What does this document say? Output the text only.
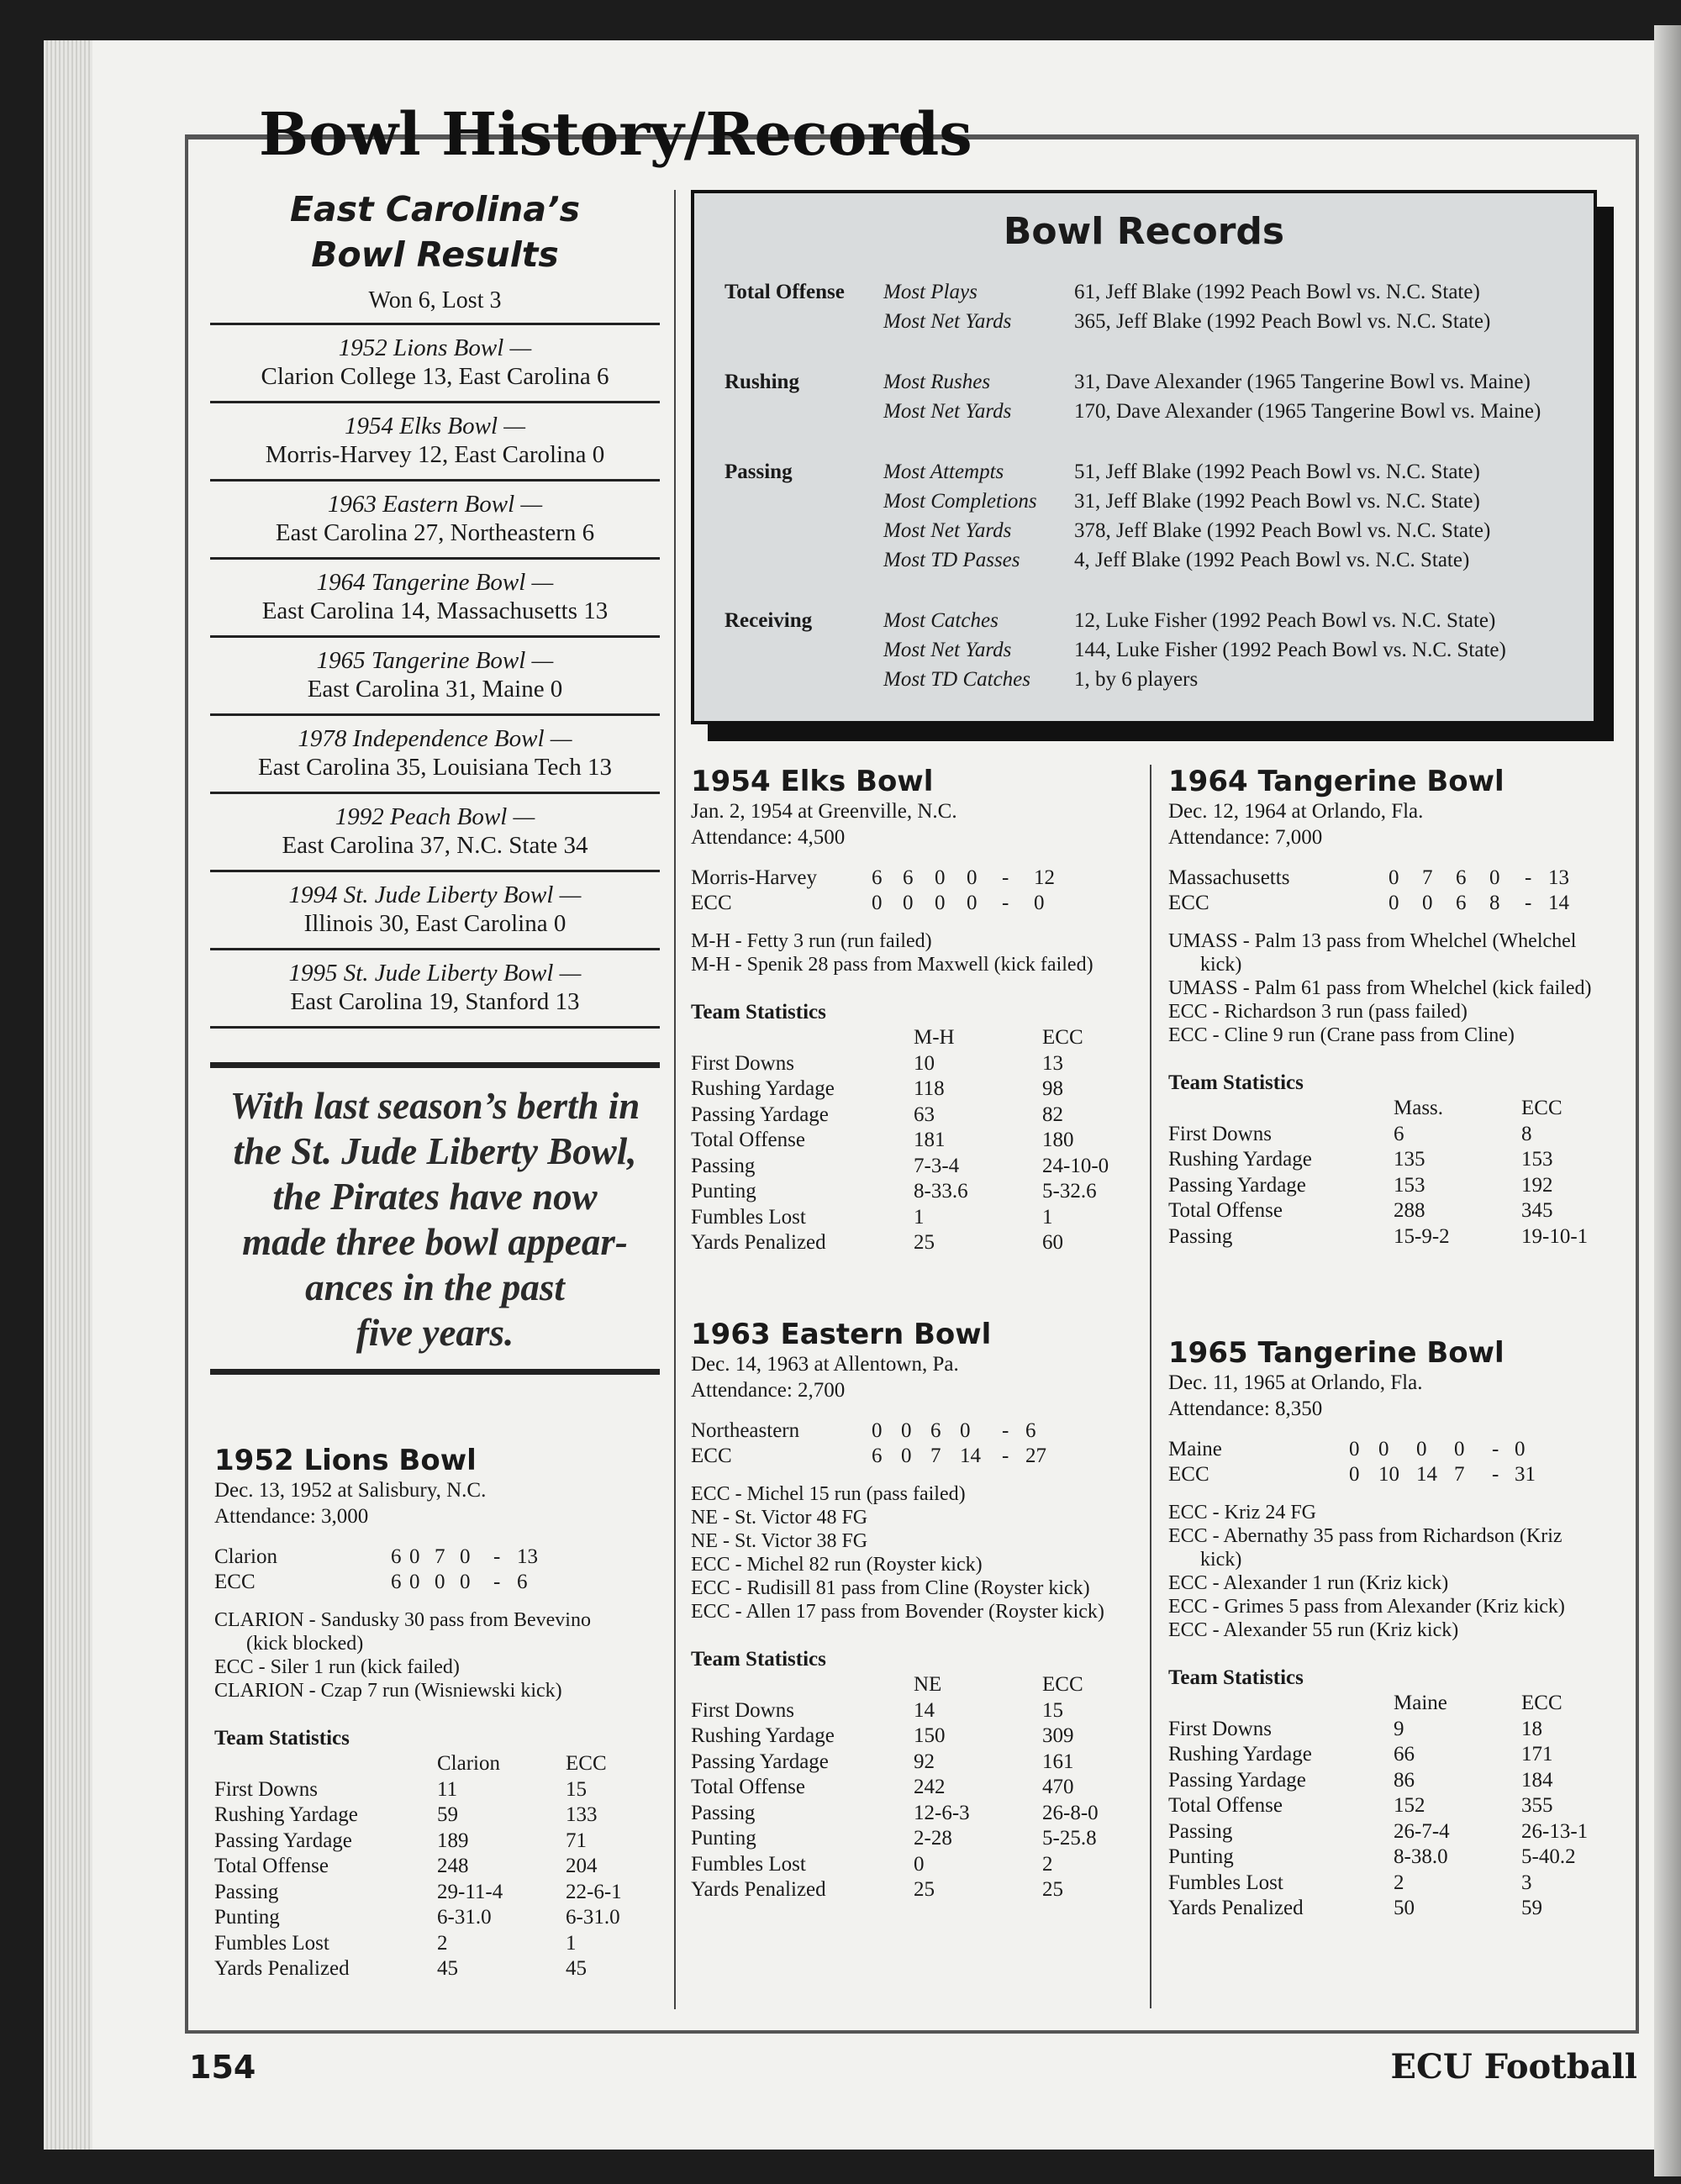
Bowl History/Records
East Carolina’s
Bowl Results
Won 6, Lost 3
1952 Lions Bowl —
Clarion College 13, East Carolina 6
1954 Elks Bowl —
Morris-Harvey 12, East Carolina 0
1963 Eastern Bowl —
East Carolina 27, Northeastern 6
1964 Tangerine Bowl —
East Carolina 14, Massachusetts 13
1965 Tangerine Bowl —
East Carolina 31, Maine 0
1978 Independence Bowl —
East Carolina 35, Louisiana Tech 13
1992 Peach Bowl —
East Carolina 37, N.C. State 34
1994 St. Jude Liberty Bowl —
Illinois 30, East Carolina 0
1995 St. Jude Liberty Bowl —
East Carolina 19, Stanford 13
With last season’s berth in
the St. Jude Liberty Bowl,
the Pirates have now
made three bowl appear-
ances in the past
five years.
Bowl Records
Total Offense Most Plays	61, Jeff Blake (1992 Peach Bowl vs. N.C. State)
Most Net Yards	365, Jeff Blake (1992 Peach Bowl vs. N.C. State)
Rushing	Most Rushes	31, Dave Alexander (1965 Tangerine Bowl vs. Maine)
Most Net Yards	170, Dave Alexander (1965 Tangerine Bowl vs. Maine)
Passing	Most Attempts	51, Jeff Blake (1992 Peach Bowl vs. N.C. State)
Most Completions 31, Jeff Blake (1992 Peach Bowl vs. N.C. State)
Most Net Yards	378, Jeff Blake (1992 Peach Bowl vs. N.C. State)
Most TD Passes	4, Jeff Blake (1992 Peach Bowl vs. N.C. State)
Receiving	Most Catches	12, Luke Fisher (1992 Peach Bowl vs. N.C. State)
Most Net Yards	144, Luke Fisher (1992 Peach Bowl vs. N.C. State)
Most TD Catches 1, by 6 players
1952 Lions Bowl
Dec. 13, 1952 at Salisbury, N.C.
Attendance: 3,000
Clarion	6 0 7 0 - 13
ECC	6 0 0 0 - 6
CLARION - Sandusky 30 pass from Bevevino (kick blocked)
ECC - Siler 1 run (kick failed)
CLARION - Czap 7 run (Wisniewski kick)
Team Statistics
Clarion	ECC
First Downs	11	15
Rushing Yardage	59	133
Passing Yardage	189	71
Total Offense	248	204
Passing	29-11-4	22-6-1
Punting	6-31.0	6-31.0
Fumbles Lost	2	1
Yards Penalized	45	45
1954 Elks Bowl
Jan. 2, 1954 at Greenville, N.C.
Attendance: 4,500
Morris-Harvey	6 6 0 0 - 12
ECC	0 0 0 0 - 0
M-H - Fetty 3 run (run failed)
M-H - Spenik 28 pass from Maxwell (kick failed)
Team Statistics
M-H	ECC
First Downs	10	13
Rushing Yardage	118	98
Passing Yardage	63	82
Total Offense	181	180
Passing	7-3-4	24-10-0
Punting	8-33.6	5-32.6
Fumbles Lost	1	1
Yards Penalized	25	60
1963 Eastern Bowl
Dec. 14, 1963 at Allentown, Pa.
Attendance: 2,700
Northeastern	0 0 6 0 - 6
ECC	6 0 7 14 - 27
ECC - Michel 15 run (pass failed)
NE - St. Victor 48 FG
NE - St. Victor 38 FG
ECC - Michel 82 run (Royster kick)
ECC - Rudisill 81 pass from Cline (Royster kick)
ECC - Allen 17 pass from Bovender (Royster kick)
Team Statistics
NE	ECC
First Downs	14	15
Rushing Yardage	150	309
Passing Yardage	92	161
Total Offense	242	470
Passing	12-6-3	26-8-0
Punting	2-28	5-25.8
Fumbles Lost	0	2
Yards Penalized	25	25
1964 Tangerine Bowl
Dec. 12, 1964 at Orlando, Fla.
Attendance: 7,000
Massachusetts	0 7 6 0 - 13
ECC	0 0 6 8 - 14
UMASS - Palm 13 pass from Whelchel (Whelchel kick)
UMASS - Palm 61 pass from Whelchel (kick failed)
ECC - Richardson 3 run (pass failed)
ECC - Cline 9 run (Crane pass from Cline)
Team Statistics
Mass.	ECC
First Downs	6	8
Rushing Yardage	135	153
Passing Yardage	153	192
Total Offense	288	345
Passing	15-9-2	19-10-1
1965 Tangerine Bowl
Dec. 11, 1965 at Orlando, Fla.
Attendance: 8,350
Maine	0 0 0 0 - 0
ECC	0 10 14 7 - 31
ECC - Kriz 24 FG
ECC - Abernathy 35 pass from Richardson (Kriz kick)
ECC - Alexander 1 run (Kriz kick)
ECC - Grimes 5 pass from Alexander (Kriz kick)
ECC - Alexander 55 run (Kriz kick)
Team Statistics
Maine	ECC
First Downs	9	18
Rushing Yardage	66	171
Passing Yardage	86	184
Total Offense	152	355
Passing	26-7-4	26-13-1
Punting	8-38.0	5-40.2
Fumbles Lost	2	3
Yards Penalized	50	59
154	ECU Football
